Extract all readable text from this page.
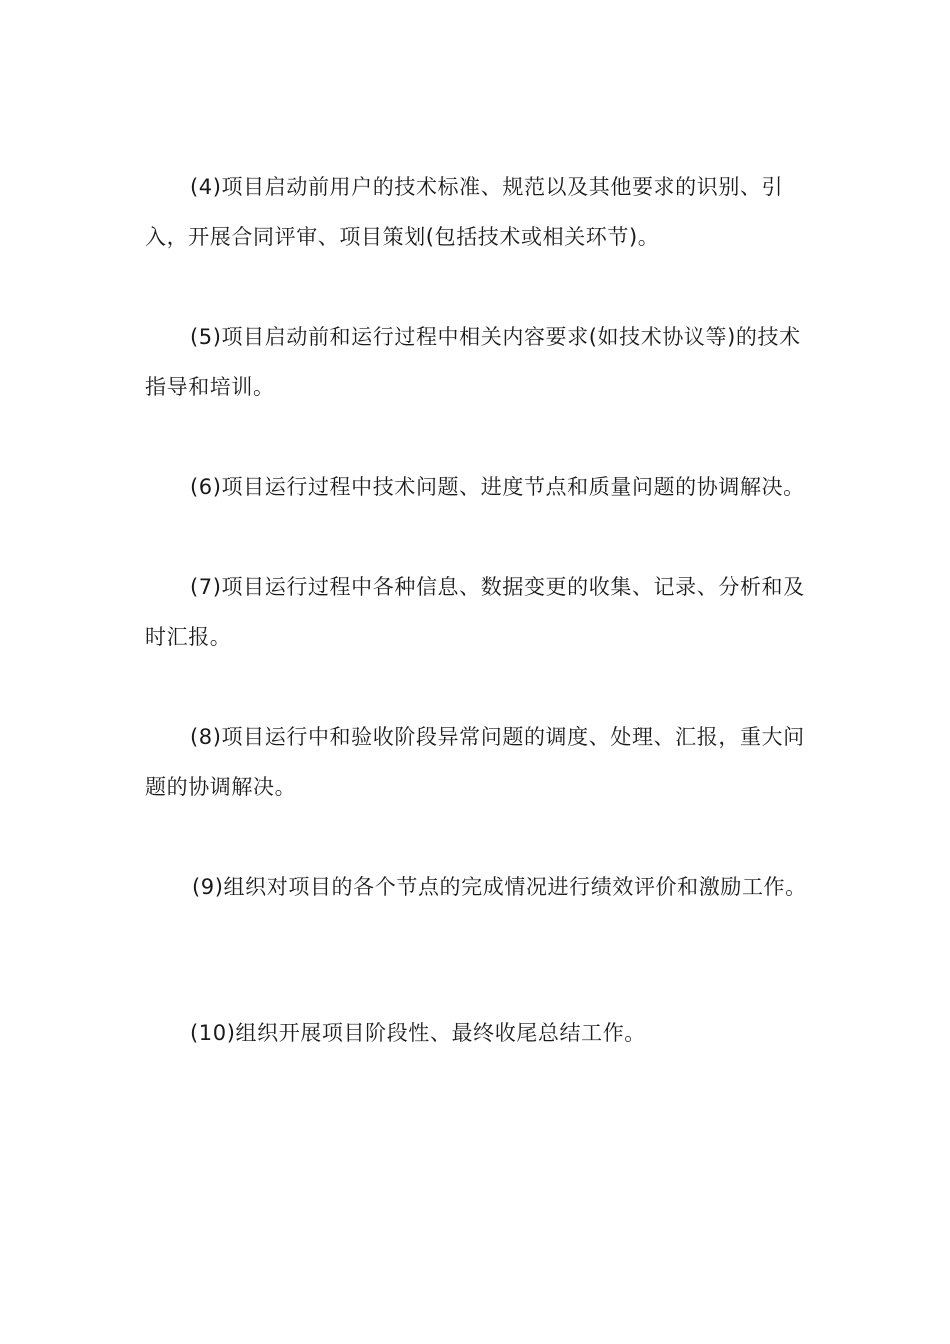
(4)项目启动前用户的技术标准、规范以及其他要求的识别、引入，开展合同评审、项目策划(包括技术或相关环节)。

(5)项目启动前和运行过程中相关内容要求(如技术协议等)的技术指导和培训。

(6)项目运行过程中技术问题、进度节点和质量问题的协调解决。

(7)项目运行过程中各种信息、数据变更的收集、记录、分析和及时汇报。

(8)项目运行中和验收阶段异常问题的调度、处理、汇报，重大问题的协调解决。

(9)组织对项目的各个节点的完成情况进行绩效评价和激励工作。

(10)组织开展项目阶段性、最终收尾总结工作。
